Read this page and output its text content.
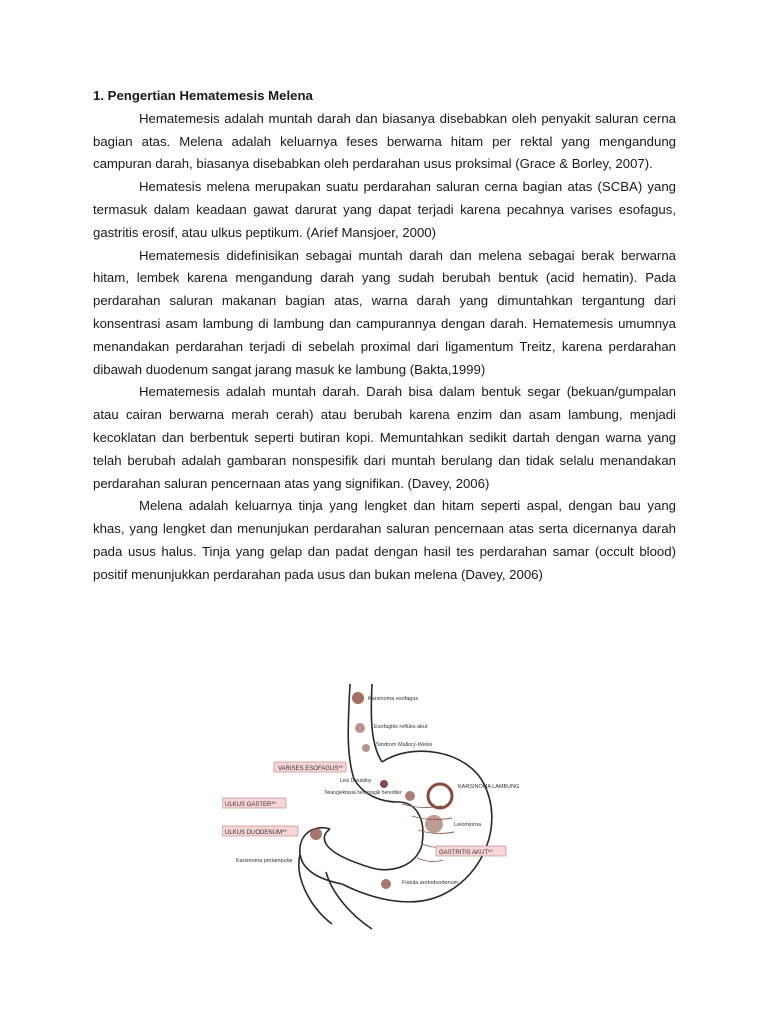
1. Pengertian Hematemesis Melena

Hematemesis adalah muntah darah dan biasanya disebabkan oleh penyakit saluran cerna bagian atas. Melena adalah keluarnya feses berwarna hitam per rektal yang mengandung campuran darah, biasanya disebabkan oleh perdarahan usus proksimal (Grace & Borley, 2007).

Hematesis melena merupakan suatu perdarahan saluran cerna bagian atas (SCBA) yang termasuk dalam keadaan gawat darurat yang dapat terjadi karena pecahnya varises esofagus, gastritis erosif, atau ulkus peptikum. (Arief Mansjoer, 2000)

Hematemesis didefinisikan sebagai muntah darah dan melena sebagai berak berwarna hitam, lembek karena mengandung darah yang sudah berubah bentuk (acid hematin). Pada perdarahan saluran makanan bagian atas, warna darah yang dimuntahkan tergantung dari konsentrasi asam lambung di lambung dan campurannya dengan darah. Hematemesis umumnya menandakan perdarahan terjadi di sebelah proximal dari ligamentum Treitz, karena perdarahan dibawah duodenum sangat jarang masuk ke lambung (Bakta,1999)

Hematemesis adalah muntah darah. Darah bisa dalam bentuk segar (bekuan/gumpalan atau cairan berwarna merah cerah) atau berubah karena enzim dan asam lambung, menjadi kecoklatan dan berbentuk seperti butiran kopi. Memuntahkan sedikit dartah dengan warna yang telah berubah adalah gambaran nonspesifik dari muntah berulang dan tidak selalu menandakan perdarahan saluran pencernaan atas yang signifikan. (Davey, 2006)

Melena adalah keluarnya tinja yang lengket dan hitam seperti aspal, dengan bau yang khas, yang lengket dan menunjukan perdarahan saluran pencernaan atas serta dicernanya darah pada usus halus. Tinja yang gelap dan padat dengan hasil tes perdarahan samar (occult blood) positif menunjukkan perdarahan pada usus dan bukan melena (Davey, 2006)

Karsinoma esofagus
Esofagitis refluks akut
Sindrom Mallory-Weiss
VARISES ESOFAGUS**
Lesi Dieulafoy
Telangiektasia hemoragik herediter
KARSINOMA LAMBUNG
ULKUS GASTER**
ULKUS DUODENUM**
Leiomioma
GASTRITIS AKUT**
Karsinoma periampular
Fistula aortoduodenum
